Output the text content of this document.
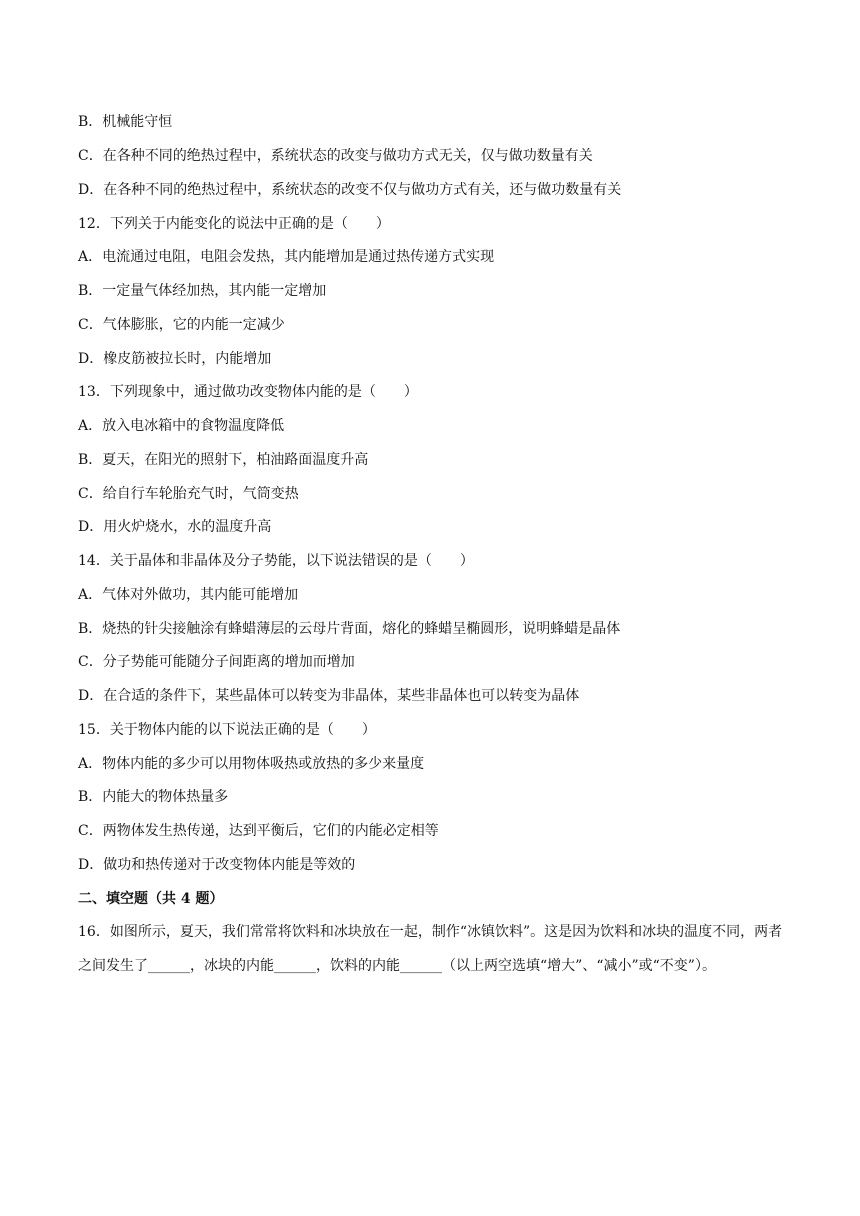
B．机械能守恒
C．在各种不同的绝热过程中，系统状态的改变与做功方式无关，仅与做功数量有关
D．在各种不同的绝热过程中，系统状态的改变不仅与做功方式有关，还与做功数量有关
12．下列关于内能变化的说法中正确的是（　　）
A．电流通过电阻，电阻会发热，其内能增加是通过热传递方式实现
B．一定量气体经加热，其内能一定增加
C．气体膨胀，它的内能一定减少
D．橡皮筋被拉长时，内能增加
13．下列现象中，通过做功改变物体内能的是（　　）
A．放入电冰箱中的食物温度降低
B．夏天，在阳光的照射下，柏油路面温度升高
C．给自行车轮胎充气时，气筒变热
D．用火炉烧水，水的温度升高
14．关于晶体和非晶体及分子势能，以下说法错误的是（　　）
A．气体对外做功，其内能可能增加
B．烧热的针尖接触涂有蜂蜡薄层的云母片背面，熔化的蜂蜡呈椭圆形，说明蜂蜡是晶体
C．分子势能可能随分子间距离的增加而增加
D．在合适的条件下，某些晶体可以转变为非晶体，某些非晶体也可以转变为晶体
15．关于物体内能的以下说法正确的是（　　）
A．物体内能的多少可以用物体吸热或放热的多少来量度
B．内能大的物体热量多
C．两物体发生热传递，达到平衡后，它们的内能必定相等
D．做功和热传递对于改变物体内能是等效的
二、填空题（共 4 题）
16．如图所示，夏天，我们常常将饮料和冰块放在一起，制作“冰镇饮料”。这是因为饮料和冰块的温度不同，两者之间发生了______，冰块的内能______，饮料的内能______（以上两空选填“增大”、“减小”或“不变”）。
